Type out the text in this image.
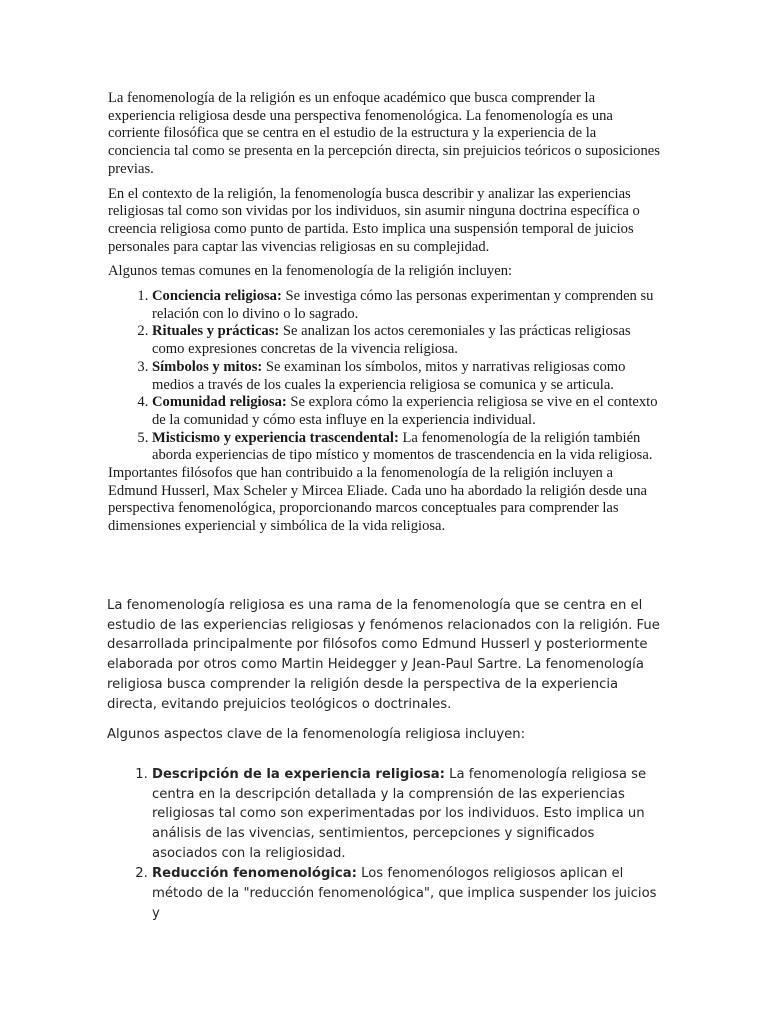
La fenomenología de la religión es un enfoque académico que busca comprender la experiencia religiosa desde una perspectiva fenomenológica. La fenomenología es una corriente filosófica que se centra en el estudio de la estructura y la experiencia de la conciencia tal como se presenta en la percepción directa, sin prejuicios teóricos o suposiciones previas.

En el contexto de la religión, la fenomenología busca describir y analizar las experiencias religiosas tal como son vividas por los individuos, sin asumir ninguna doctrina específica o creencia religiosa como punto de partida. Esto implica una suspensión temporal de juicios personales para captar las vivencias religiosas en su complejidad.

Algunos temas comunes en la fenomenología de la religión incluyen:

1. Conciencia religiosa: Se investiga cómo las personas experimentan y comprenden su relación con lo divino o lo sagrado.
2. Rituales y prácticas: Se analizan los actos ceremoniales y las prácticas religiosas como expresiones concretas de la vivencia religiosa.
3. Símbolos y mitos: Se examinan los símbolos, mitos y narrativas religiosas como medios a través de los cuales la experiencia religiosa se comunica y se articula.
4. Comunidad religiosa: Se explora cómo la experiencia religiosa se vive en el contexto de la comunidad y cómo esta influye en la experiencia individual.
5. Misticismo y experiencia trascendental: La fenomenología de la religión también aborda experiencias de tipo místico y momentos de trascendencia en la vida religiosa.

Importantes filósofos que han contribuido a la fenomenología de la religión incluyen a Edmund Husserl, Max Scheler y Mircea Eliade. Cada uno ha abordado la religión desde una perspectiva fenomenológica, proporcionando marcos conceptuales para comprender las dimensiones experiencial y simbólica de la vida religiosa.

La fenomenología religiosa es una rama de la fenomenología que se centra en el estudio de las experiencias religiosas y fenómenos relacionados con la religión. Fue desarrollada principalmente por filósofos como Edmund Husserl y posteriormente elaborada por otros como Martin Heidegger y Jean-Paul Sartre. La fenomenología religiosa busca comprender la religión desde la perspectiva de la experiencia directa, evitando prejuicios teológicos o doctrinales.

Algunos aspectos clave de la fenomenología religiosa incluyen:

1. Descripción de la experiencia religiosa: La fenomenología religiosa se centra en la descripción detallada y la comprensión de las experiencias religiosas tal como son experimentadas por los individuos. Esto implica un análisis de las vivencias, sentimientos, percepciones y significados asociados con la religiosidad.
2. Reducción fenomenológica: Los fenomenólogos religiosos aplican el método de la "reducción fenomenológica", que implica suspender los juicios y
